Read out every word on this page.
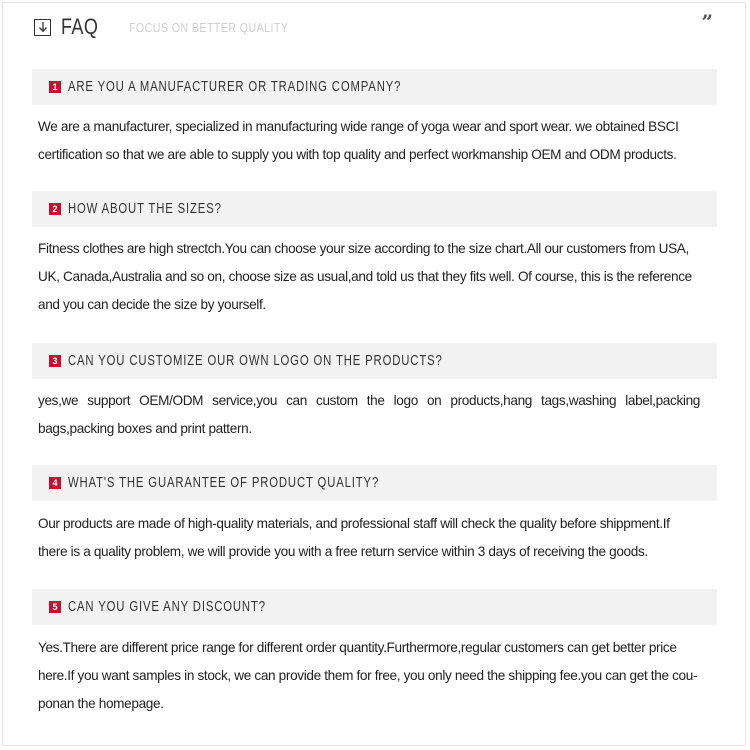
FAQ FOCUS ON BETTER QUALITY	”
1 ARE YOU A MANUFACTURER OR TRADING COMPANY?
We are a manufacturer, specialized in manufacturing wide range of yoga wear and sport wear. we obtained BSCI certification so that we are able to supply you with top quality and perfect workmanship OEM and ODM products.
2 HOW ABOUT THE SIZES?
Fitness clothes are high strectch.You can choose your size according to the size chart.All our customers from USA, UK, Canada,Australia and so on, choose size as usual,and told us that they fits well. Of course, this is the reference and you can decide the size by yourself.
3 CAN YOU CUSTOMIZE OUR OWN LOGO ON THE PRODUCTS?
yes,we support OEM/ODM service,you can custom the logo on products,hang tags,washing label,packing bags,packing boxes and print pattern.
4 WHAT'S THE GUARANTEE OF PRODUCT QUALITY?
Our products are made of high-quality materials, and professional staff will check the quality before shippment.If there is a quality problem, we will provide you with a free return service within 3 days of receiving the goods.
5 CAN YOU GIVE ANY DISCOUNT?
Yes.There are different price range for different order quantity.Furthermore,regular customers can get better price here.If you want samples in stock, we can provide them for free, you only need the shipping fee.you can get the cou-ponan the homepage.
